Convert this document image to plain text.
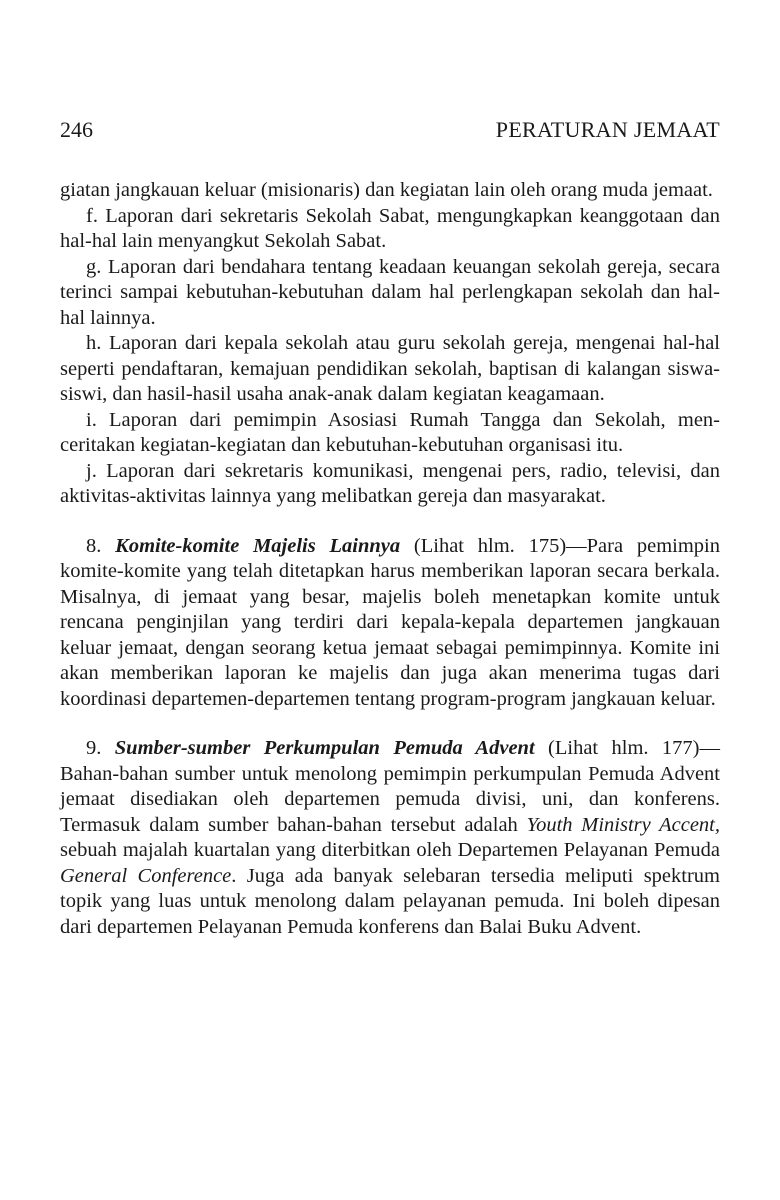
246	PERATURAN JEMAAT

giatan jangkauan keluar (misionaris) dan kegiatan lain oleh orang muda jemaat.

f. Laporan dari sekretaris Sekolah Sabat, mengungkapkan keanggotaan dan hal-hal lain menyangkut Sekolah Sabat.

g. Laporan dari bendahara tentang keadaan keuangan sekolah gereja, secara terinci sampai kebutuhan-kebutuhan dalam hal perlengkapan sekolah dan hal-hal lainnya.

h. Laporan dari kepala sekolah atau guru sekolah gereja, mengenai hal-hal seperti pendaftaran, kemajuan pendidikan sekolah, baptisan di kalangan siswa-siswi, dan hasil-hasil usaha anak-anak dalam kegiatan keagamaan.

i. Laporan dari pemimpin Asosiasi Rumah Tangga dan Sekolah, menceritakan kegiatan-kegiatan dan kebutuhan-kebutuhan organisasi itu.

j. Laporan dari sekretaris komunikasi, mengenai pers, radio, televisi, dan aktivitas-aktivitas lainnya yang melibatkan gereja dan masyarakat.

8. Komite-komite Majelis Lainnya (Lihat hlm. 175)—Para pemimpin komite-komite yang telah ditetapkan harus memberikan laporan secara berkala. Misalnya, di jemaat yang besar, majelis boleh menetapkan komite untuk rencana penginjilan yang terdiri dari kepala-kepala departemen jangkauan keluar jemaat, dengan seorang ketua jemaat sebagai pemimpinnya. Komite ini akan memberikan laporan ke majelis dan juga akan menerima tugas dari koordinasi departemen-departemen tentang program-program jangkauan keluar.

9. Sumber-sumber Perkumpulan Pemuda Advent (Lihat hlm. 177)—Bahan-bahan sumber untuk menolong pemimpin perkumpulan Pemuda Advent jemaat disediakan oleh departemen pemuda divisi, uni, dan konferens. Termasuk dalam sumber bahan-bahan tersebut adalah Youth Ministry Accent, sebuah majalah kuartalan yang diterbitkan oleh Departemen Pelayanan Pemuda General Conference. Juga ada banyak selebaran tersedia meliputi spektrum topik yang luas untuk menolong dalam pelayanan pemuda. Ini boleh dipesan dari departemen Pelayanan Pemuda konferens dan Balai Buku Advent.
